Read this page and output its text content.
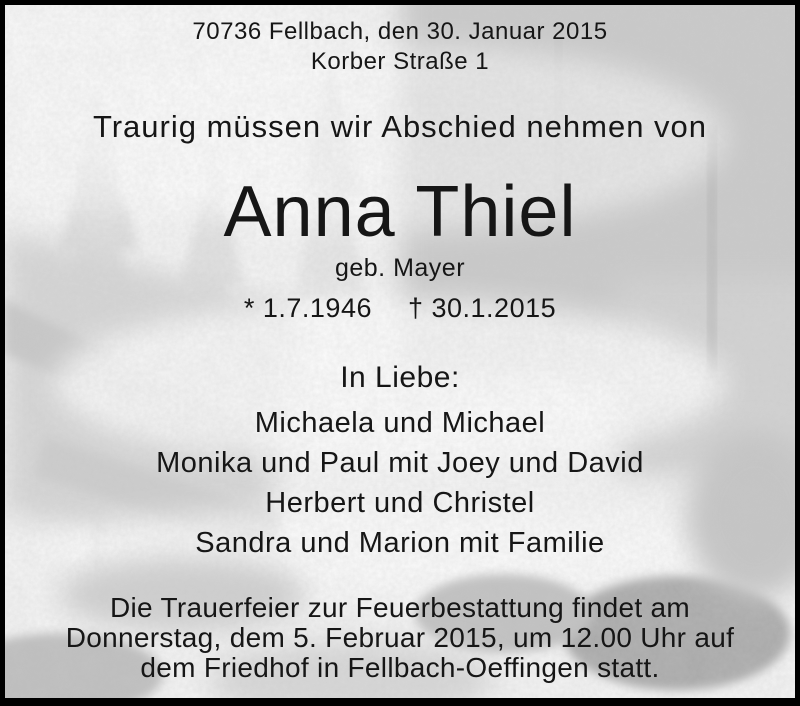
70736 Fellbach, den 30. Januar 2015
Korber Straße 1
Traurig müssen wir Abschied nehmen von
Anna Thiel
geb. Mayer
* 1.7.1946 † 30.1.2015
In Liebe:
Michaela und Michael
Monika und Paul mit Joey und David
Herbert und Christel
Sandra und Marion mit Familie
Die Trauerfeier zur Feuerbestattung findet am
Donnerstag, dem 5. Februar 2015, um 12.00 Uhr auf
dem Friedhof in Fellbach-Oeffingen statt.
